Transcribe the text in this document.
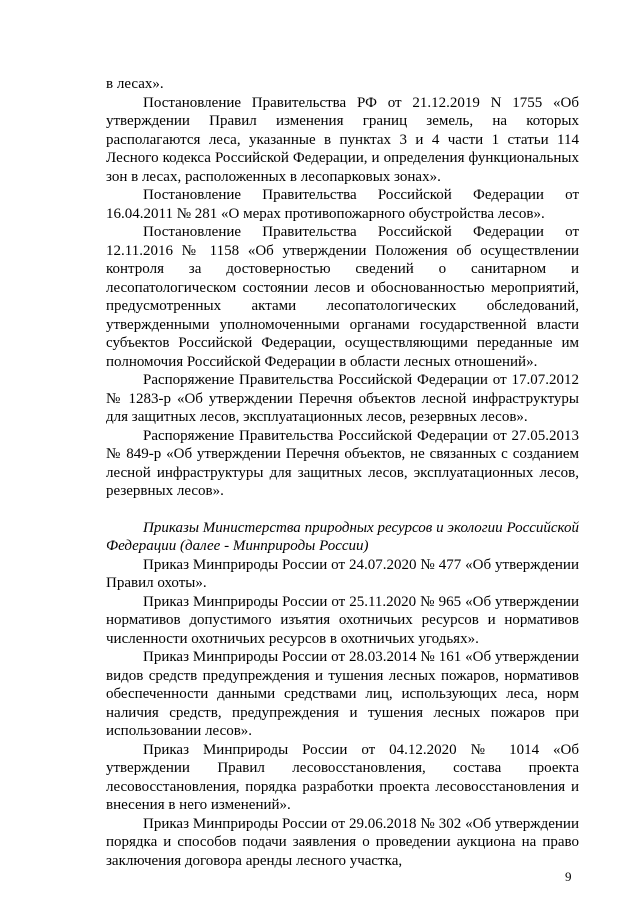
в лесах».

Постановление Правительства РФ от 21.12.2019 N 1755 «Об утверждении Правил изменения границ земель, на которых располагаются леса, указанные в пунктах 3 и 4 части 1 статьи 114 Лесного кодекса Российской Федерации, и определения функциональных зон в лесах, расположенных в лесопарковых зонах».

Постановление Правительства Российской Федерации от 16.04.2011 № 281 «О мерах противопожарного обустройства лесов».

Постановление Правительства Российской Федерации от 12.11.2016 № 1158 «Об утверждении Положения об осуществлении контроля за достоверностью сведений о санитарном и лесопатологическом состоянии лесов и обоснованностью мероприятий, предусмотренных актами лесопатологических обследований, утвержденными уполномоченными органами государственной власти субъектов Российской Федерации, осуществляющими переданные им полномочия Российской Федерации в области лесных отношений».

Распоряжение Правительства Российской Федерации от 17.07.2012 № 1283-р «Об утверждении Перечня объектов лесной инфраструктуры для защитных лесов, эксплуатационных лесов, резервных лесов».

Распоряжение Правительства Российской Федерации от 27.05.2013 № 849-р «Об утверждении Перечня объектов, не связанных с созданием лесной инфраструктуры для защитных лесов, эксплуатационных лесов, резервных лесов».

Приказы Министерства природных ресурсов и экологии Российской Федерации (далее - Минприроды России)

Приказ Минприроды России от 24.07.2020 № 477 «Об утверждении Правил охоты».

Приказ Минприроды России от 25.11.2020 № 965 «Об утверждении нормативов допустимого изъятия охотничьих ресурсов и нормативов численности охотничьих ресурсов в охотничьих угодьях».

Приказ Минприроды России от 28.03.2014 № 161 «Об утверждении видов средств предупреждения и тушения лесных пожаров, нормативов обеспеченности данными средствами лиц, использующих леса, норм наличия средств, предупреждения и тушения лесных пожаров при использовании лесов».

Приказ Минприроды России от 04.12.2020 № 1014 «Об утверждении Правил лесовосстановления, состава проекта лесовосстановления, порядка разработки проекта лесовосстановления и внесения в него изменений».

Приказ Минприроды России от 29.06.2018 № 302 «Об утверждении порядка и способов подачи заявления о проведении аукциона на право заключения договора аренды лесного участка,

9
